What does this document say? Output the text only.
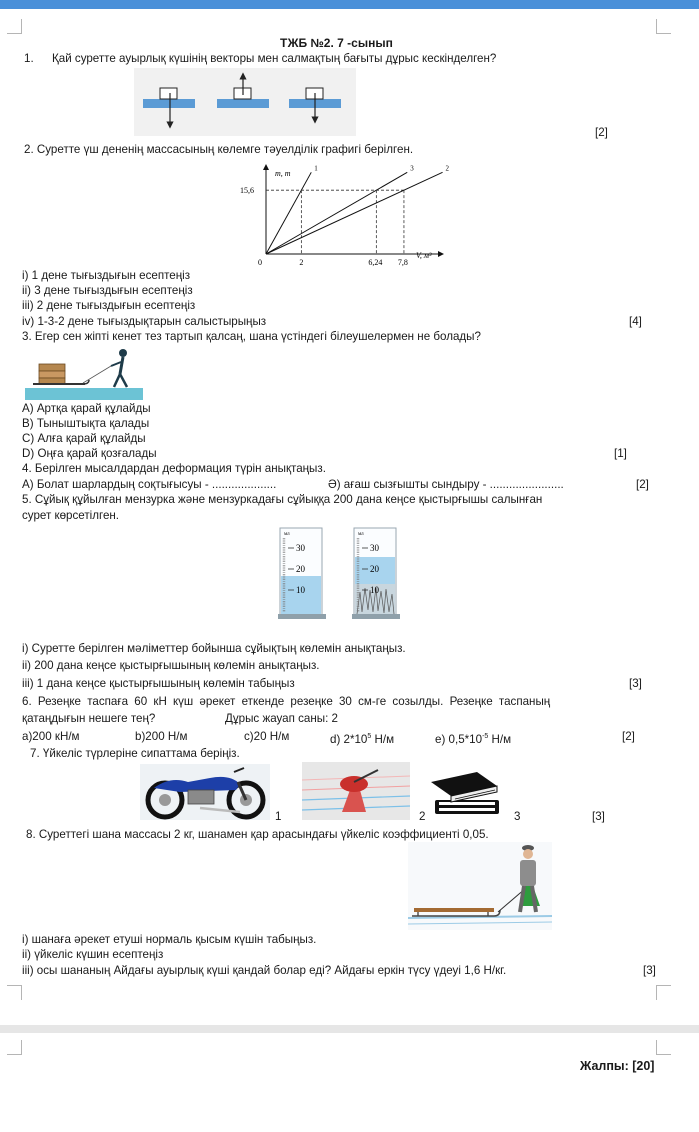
ТЖБ №2. 7 -сынып
1. Қай суретте ауырлық күшінің векторы мен салмақтың бағыты дұрыс кескінделген?
[2]
2. Суретте үш дененің массасының көлемге тәуелділік графигі берілген.
m, т
V, м³
0
15,6
1	3	2
2	6,24 7,8
i) 1 дене тығыздығын есептеңіз
ii) 3 дене тығыздығын есептеңіз
iii) 2 дене тығыздығын есептеңіз
iv) 1-3-2 дене тығыздықтарын салыстырыңыз	[4]
3. Егер сен жіпті кенет тез тартып қалсаң, шана үстіндегі білеушелермен не болады?
A) Артқа қарай құлайды
B) Тыныштықта қалады
C) Алға қарай құлайды
D) Оңға қарай қозғалады	[1]
4. Берілген мысалдардан деформация түрін анықтаңыз.
А) Болат шарлардың соқтығысуы - ....................	Ә) ағаш сызғышты сындыру - .......................	[2]
5. Сұйық құйылған мензурка және мензуркадағы сұйыққа 200 дана кеңсе қыстырғышы салынған
сурет көрсетілген.
мл
30
20
10
мл
30
20
10
i) Суретте берілген мәліметтер бойынша сұйықтың көлемін анықтаңыз.
ii) 200 дана кеңсе қыстырғышының көлемін анықтаңыз.
iii) 1 дана кеңсе қыстырғышының көлемін табыңыз	[3]
6. Резеңке таспаға 60 кН күш әрекет еткенде резеңке 30 см-ге созылды. Резеңке таспаның
қатаңдығын нешеге тең?	Дұрыс жауап саны: 2
a)200 кН/м	b)200 Н/м	c)20 Н/м	d) $2*10^5$ Н/м	e) $0,5*10^{-5}$ Н/м	[2]
7. Үйкеліс түрлеріне сипаттама беріңіз.
1	2	3	[3]
8. Суреттегі шана массасы 2 кг, шанамен қар арасындағы үйкеліс коэффициенті 0,05.
i) шанаға әрекет етуші нормаль қысым күшін табыңыз.
ii) үйкеліс күшин есептеңіз
iii) осы шананың Айдағы ауырлық күші қандай болар еді? Айдағы еркін түсу үдеуі 1,6 Н/кг.	[3]
Жалпы: [20]
